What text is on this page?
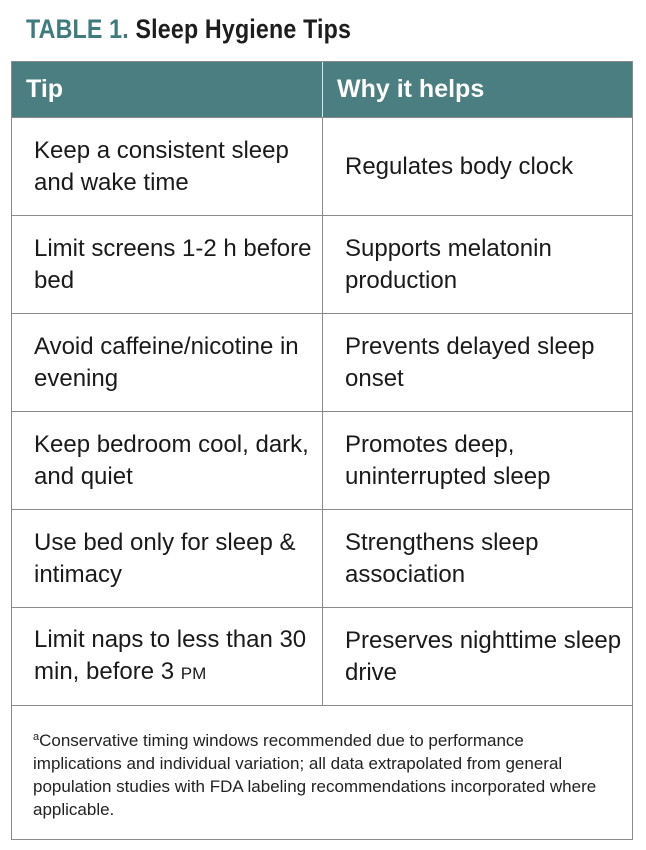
TABLE 1. Sleep Hygiene Tips
Tip	Why it helps
Keep a consistent sleep and wake time
Regulates body clock
Limit screens 1-2 h before bed
Supports melatonin production
Avoid caffeine/nicotine in evening
Prevents delayed sleep onset
Keep bedroom cool, dark, and quiet
Promotes deep, uninterrupted sleep
Use bed only for sleep & intimacy
Strengthens sleep association
Limit naps to less than 30 min, before 3 PM
Preserves nighttime sleep drive
$^a$Conservative timing windows recommended due to performance implications and individual variation; all data extrapolated from general population studies with FDA labeling recommendations incorporated where applicable.
